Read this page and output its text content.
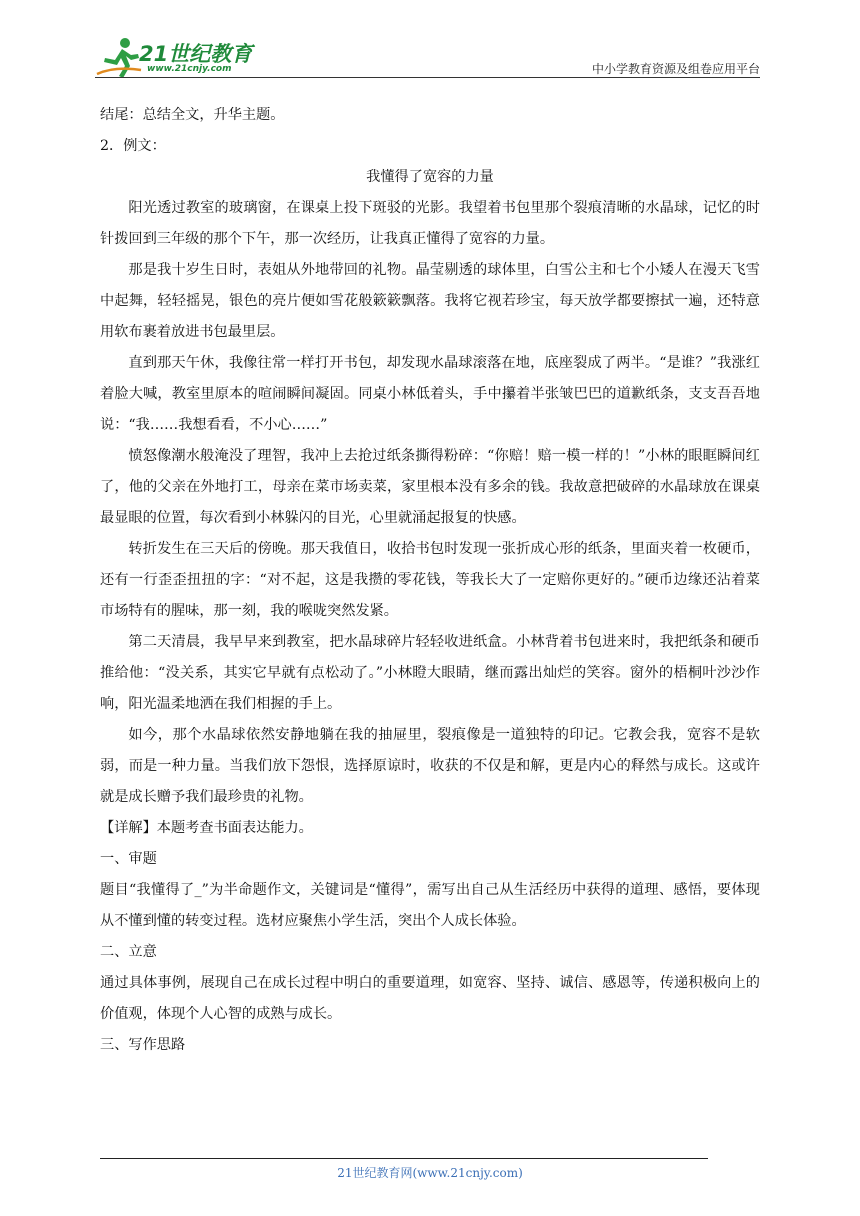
21世纪教育
www.21cnjy.com	中小学教育资源及组卷应用平台

结尾：总结全文，升华主题。

2．例文：

我懂得了宽容的力量

阳光透过教室的玻璃窗，在课桌上投下斑驳的光影。我望着书包里那个裂痕清晰的水晶球，记忆的时针拨回到三年级的那个下午，那一次经历，让我真正懂得了宽容的力量。

那是我十岁生日时，表姐从外地带回的礼物。晶莹剔透的球体里，白雪公主和七个小矮人在漫天飞雪中起舞，轻轻摇晃，银色的亮片便如雪花般簌簌飘落。我将它视若珍宝，每天放学都要擦拭一遍，还特意用软布裹着放进书包最里层。

直到那天午休，我像往常一样打开书包，却发现水晶球滚落在地，底座裂成了两半。“是谁？”我涨红着脸大喊，教室里原本的喧闹瞬间凝固。同桌小林低着头，手中攥着半张皱巴巴的道歉纸条，支支吾吾地说：“我……我想看看，不小心……”

愤怒像潮水般淹没了理智，我冲上去抢过纸条撕得粉碎：“你赔！赔一模一样的！”小林的眼眶瞬间红了，他的父亲在外地打工，母亲在菜市场卖菜，家里根本没有多余的钱。我故意把破碎的水晶球放在课桌最显眼的位置，每次看到小林躲闪的目光，心里就涌起报复的快感。

转折发生在三天后的傍晚。那天我值日，收拾书包时发现一张折成心形的纸条，里面夹着一枚硬币，还有一行歪歪扭扭的字：“对不起，这是我攒的零花钱，等我长大了一定赔你更好的。”硬币边缘还沾着菜市场特有的腥味，那一刻，我的喉咙突然发紧。

第二天清晨，我早早来到教室，把水晶球碎片轻轻收进纸盒。小林背着书包进来时，我把纸条和硬币推给他：“没关系，其实它早就有点松动了。”小林瞪大眼睛，继而露出灿烂的笑容。窗外的梧桐叶沙沙作响，阳光温柔地洒在我们相握的手上。

如今，那个水晶球依然安静地躺在我的抽屉里，裂痕像是一道独特的印记。它教会我，宽容不是软弱，而是一种力量。当我们放下怨恨，选择原谅时，收获的不仅是和解，更是内心的释然与成长。这或许就是成长赠予我们最珍贵的礼物。

【详解】本题考查书面表达能力。

一、审题

题目“我懂得了_”为半命题作文，关键词是“懂得”，需写出自己从生活经历中获得的道理、感悟，要体现从不懂到懂的转变过程。选材应聚焦小学生活，突出个人成长体验。

二、立意

通过具体事例，展现自己在成长过程中明白的重要道理，如宽容、坚持、诚信、感恩等，传递积极向上的价值观，体现个人心智的成熟与成长。

三、写作思路

21世纪教育网(www.21cnjy.com)
